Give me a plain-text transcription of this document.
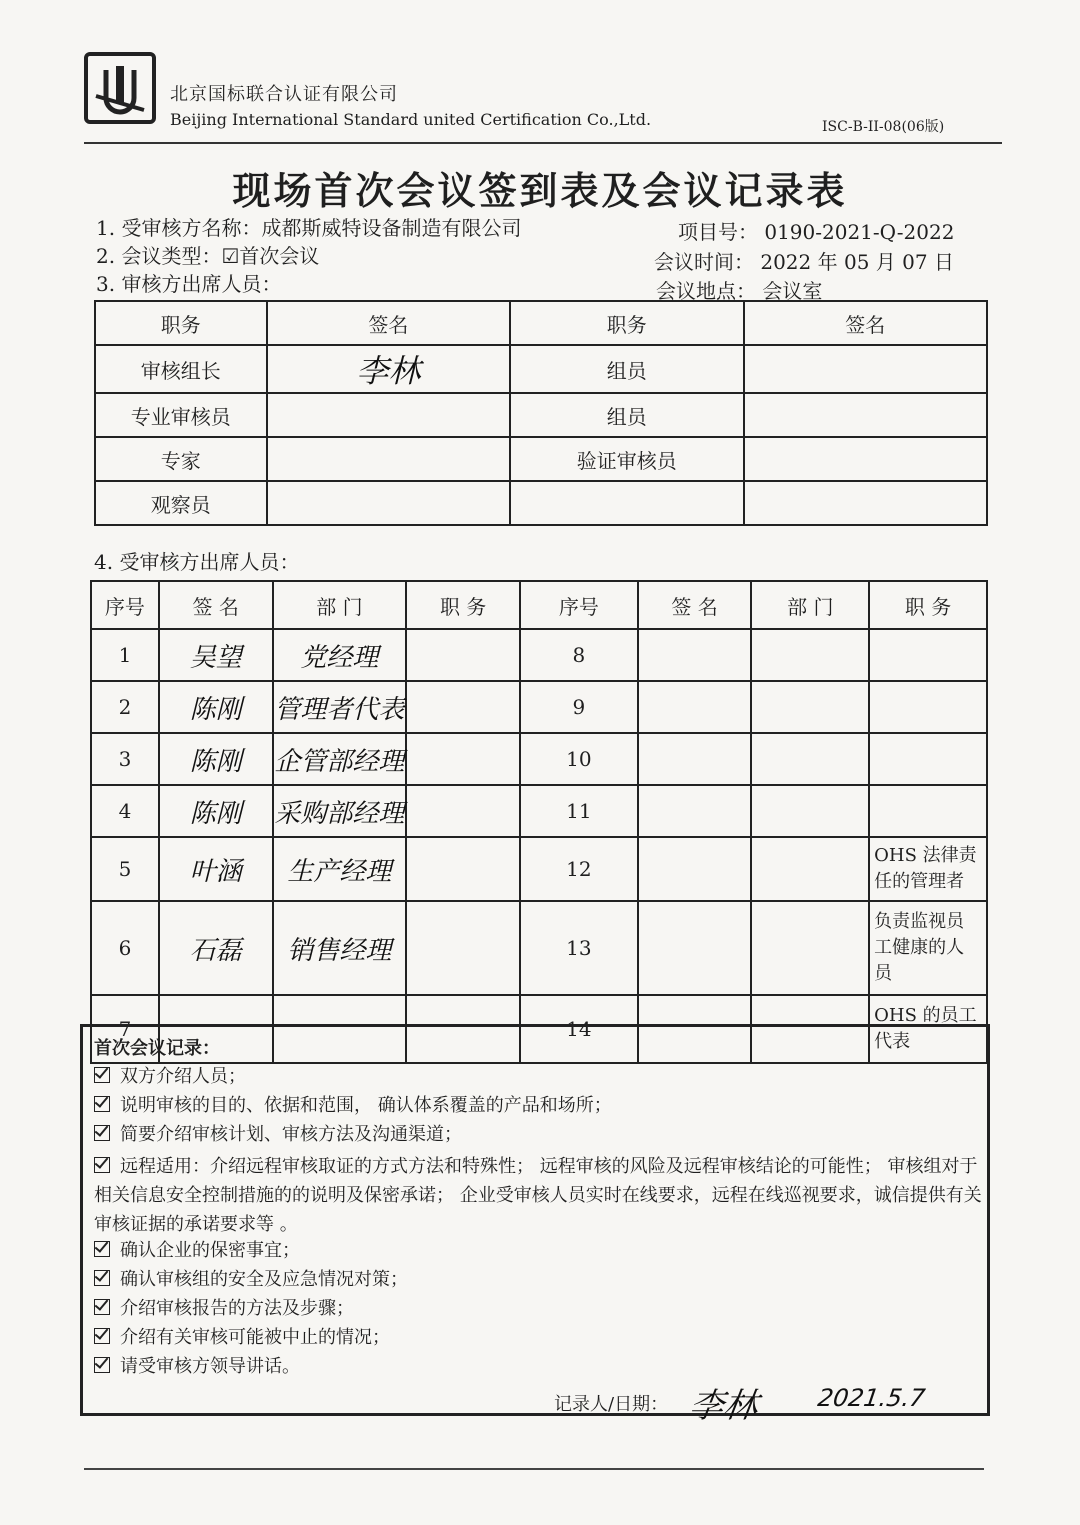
北京国标联合认证有限公司
Beijing International Standard united Certification Co.,Ltd.	ISC-B-II-08(06版)
现场首次会议签到表及会议记录表
1. 受审核方名称：成都斯威特设备制造有限公司
2. 会议类型：☑首次会议
3. 审核方出席人员：
项目号： 0190-2021-Q-2022
会议时间： 2022 年 05 月 07 日
会议地点： 会议室
职务	签名	职务	签名
审核组长	李林	组员	
专业审核员		组员	
专家		验证审核员	
观察员			
4. 受审核方出席人员：
序号	签 名	部 门	职 务	序号	签 名	部 门	职 务
1	吴望	党经理		8			
2	陈刚	管理者代表		9			
3	陈刚	企管部经理		10			
4	陈刚	采购部经理		11			
5	叶涵	生产经理		12			OHS 法律责任的管理者
6	石磊	销售经理		13			负责监视员工健康的人员
7				14			OHS 的员工代表
首次会议记录：
双方介绍人员；
说明审核的目的、依据和范围， 确认体系覆盖的产品和场所；
简要介绍审核计划、审核方法及沟通渠道；
远程适用：介绍远程审核取证的方式方法和特殊性； 远程审核的风险及远程审核结论的可能性； 审核组对于相关信息安全控制措施的的说明及保密承诺； 企业受审核人员实时在线要求，远程在线巡视要求，诚信提供有关审核证据的承诺要求等 。
确认企业的保密事宜；
确认审核组的安全及应急情况对策；
介绍审核报告的方法及步骤；
介绍有关审核可能被中止的情况；
请受审核方领导讲话。
记录人/日期： 李林 2021.5.7
